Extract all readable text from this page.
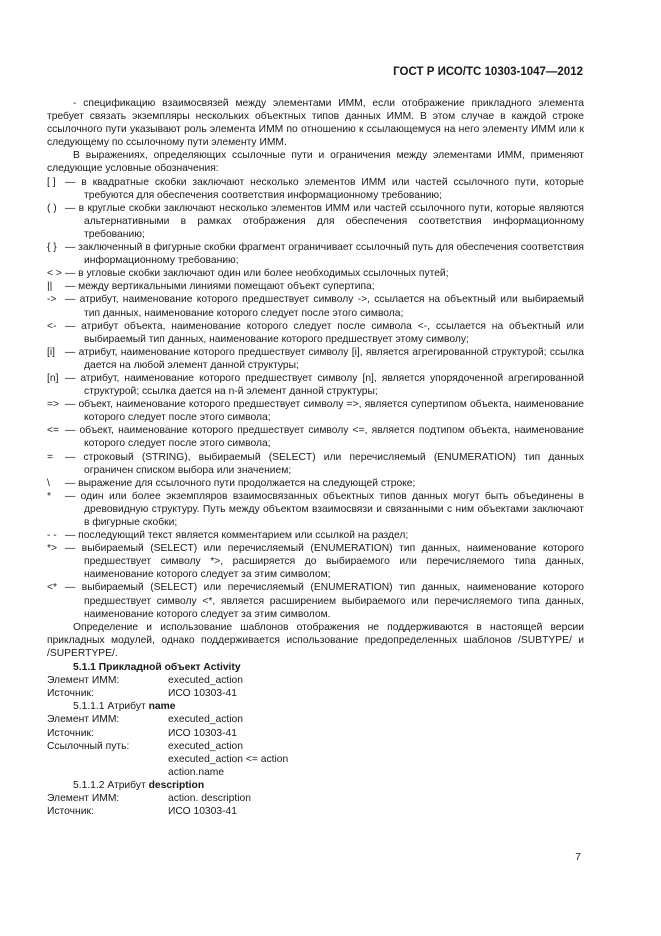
ГОСТ Р ИСО/ТС 10303-1047—2012

- спецификацию взаимосвязей между элементами ИММ, если отображение прикладного элемента требует связать экземпляры нескольких объектных типов данных ИММ. В этом случае в каждой строке ссылочного пути указывают роль элемента ИММ по отношению к ссылающемуся на него элементу ИММ или к следующему по ссылочному пути элементу ИММ.

В выражениях, определяющих ссылочные пути и ограничения между элементами ИММ, применяют следующие условные обозначения:

[ ] — в квадратные скобки заключают несколько элементов ИММ или частей ссылочного пути, которые требуются для обеспечения соответствия информационному требованию;
( ) — в круглые скобки заключают несколько элементов ИММ или частей ссылочного пути, которые являются альтернативными в рамках отображения для обеспечения соответствия информационному требованию;
{ } — заключенный в фигурные скобки фрагмент ограничивает ссылочный путь для обеспечения соответствия информационному требованию;
< > — в угловые скобки заключают один или более необходимых ссылочных путей;
||	— между вертикальными линиями помещают объект супертипа;
-> — атрибут, наименование которого предшествует символу ->, ссылается на объектный или выбираемый тип данных, наименование которого следует после этого символа;
<- — атрибут объекта, наименование которого следует после символа <-, ссылается на объектный или выбираемый тип данных, наименование которого предшествует этому символу;
[i] — атрибут, наименование которого предшествует символу [i], является агрегированной структурой; ссылка дается на любой элемент данной структуры;
[n] — атрибут, наименование которого предшествует символу [n], является упорядоченной агрегированной структурой; ссылка дается на n-й элемент данной структуры;
=> — объект, наименование которого предшествует символу =>, является супертипом объекта, наименование которого следует после этого символа;
<= — объект, наименование которого предшествует символу <=, является подтипом объекта, наименование которого следует после этого символа;
=	— строковый (STRING), выбираемый (SELECT) или перечисляемый (ENUMERATION) тип данных ограничен списком выбора или значением;
\	— выражение для ссылочного пути продолжается на следующей строке;
*	— один или более экземпляров взаимосвязанных объектных типов данных могут быть объединены в древовидную структуру. Путь между объектом взаимосвязи и связанными с ним объектами заключают в фигурные скобки;
- - — последующий текст является комментарием или ссылкой на раздел;
*> — выбираемый (SELECT) или перечисляемый (ENUMERATION) тип данных, наименование которого предшествует символу *>, расширяется до выбираемого или перечисляемого типа данных, наименование которого следует за этим символом;
<* — выбираемый (SELECT) или перечисляемый (ENUMERATION) тип данных, наименование которого предшествует символу <*, является расширением выбираемого или перечисляемого типа данных, наименование которого следует за этим символом.

Определение и использование шаблонов отображения не поддерживаются в настоящей версии прикладных модулей, однако поддерживается использование предопределенных шаблонов /SUBTYPE/ и /SUPERTYPE/.

5.1.1 Прикладной объект Activity
Элемент ИММ:	executed_action
Источник:	ИСО 10303-41
5.1.1.1 Атрибут name
Элемент ИММ:	executed_action
Источник:	ИСО 10303-41
Ссылочный путь:	executed_action
executed_action <= action
action.name
5.1.1.2 Атрибут description
Элемент ИММ:	action. description
Источник:	ИСО 10303-41
7
